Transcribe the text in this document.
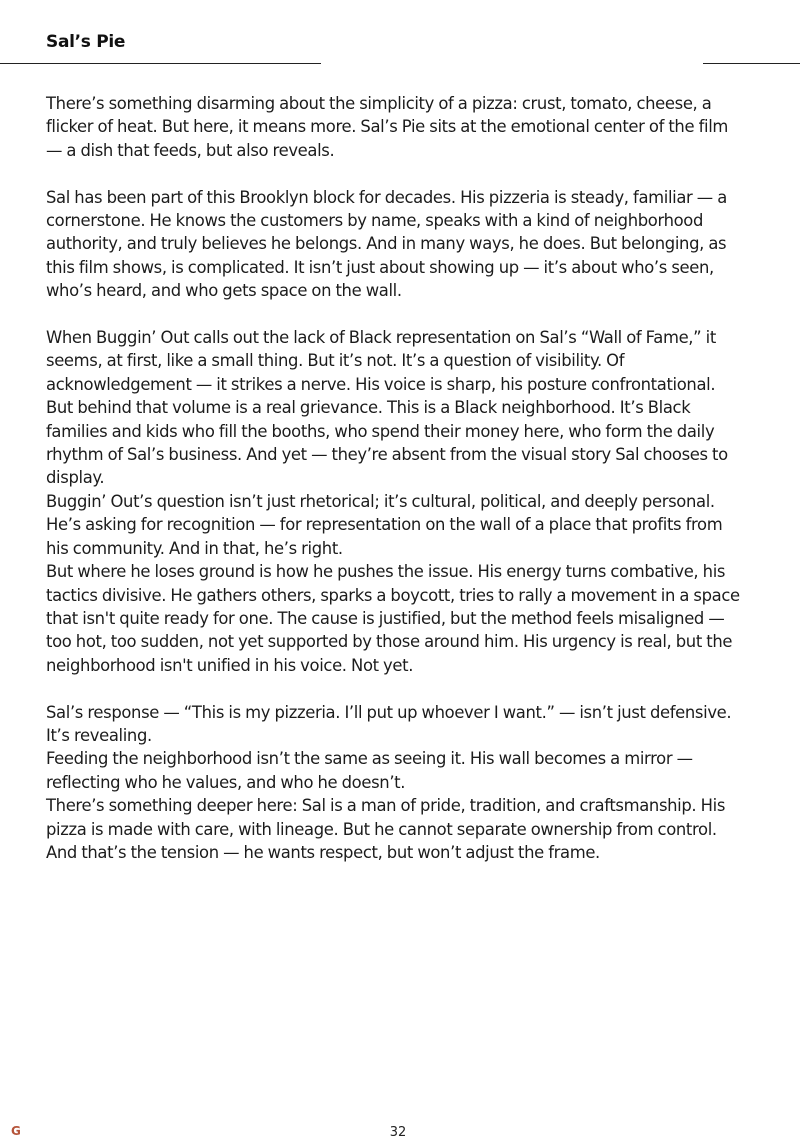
Sal’s Pie

There’s something disarming about the simplicity of a pizza: crust, tomato, cheese, a flicker of heat. But here, it means more. Sal’s Pie sits at the emotional center of the film — a dish that feeds, but also reveals.

Sal has been part of this Brooklyn block for decades. His pizzeria is steady, familiar — a cornerstone. He knows the customers by name, speaks with a kind of neighborhood authority, and truly believes he belongs. And in many ways, he does. But belonging, as this film shows, is complicated. It isn’t just about showing up — it’s about who’s seen, who’s heard, and who gets space on the wall.

When Buggin’ Out calls out the lack of Black representation on Sal’s “Wall of Fame,” it seems, at first, like a small thing. But it’s not. It’s a question of visibility. Of acknowledgement — it strikes a nerve. His voice is sharp, his posture confrontational. But behind that volume is a real grievance. This is a Black neighborhood. It’s Black families and kids who fill the booths, who spend their money here, who form the daily rhythm of Sal’s business. And yet — they’re absent from the visual story Sal chooses to display.

Buggin’ Out’s question isn’t just rhetorical; it’s cultural, political, and deeply personal. He’s asking for recognition — for representation on the wall of a place that profits from his community. And in that, he’s right.

But where he loses ground is how he pushes the issue. His energy turns combative, his tactics divisive. He gathers others, sparks a boycott, tries to rally a movement in a space that isn't quite ready for one. The cause is justified, but the method feels misaligned — too hot, too sudden, not yet supported by those around him. His urgency is real, but the neighborhood isn't unified in his voice. Not yet.

Sal’s response — “This is my pizzeria. I’ll put up whoever I want.” — isn’t just defensive. It’s revealing.

Feeding the neighborhood isn’t the same as seeing it. His wall becomes a mirror — reflecting who he values, and who he doesn’t.

There’s something deeper here: Sal is a man of pride, tradition, and craftsmanship. His pizza is made with care, with lineage. But he cannot separate ownership from control. And that’s the tension — he wants respect, but won’t adjust the frame.

G	32
